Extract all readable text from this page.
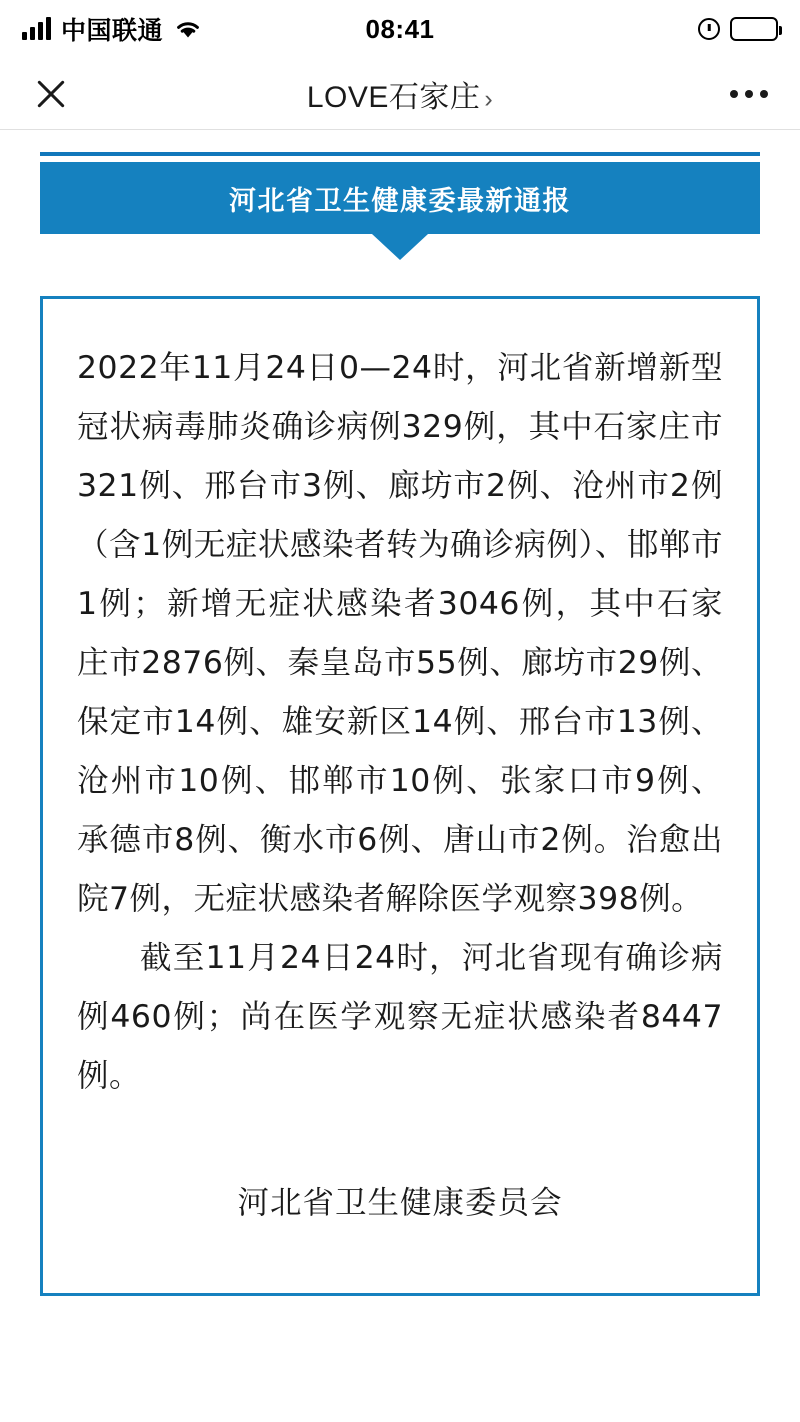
中国联通	08:41
LOVE石家庄 ›
河北省卫生健康委最新通报

2022年11月24日0—24时，河北省新增新型冠状病毒肺炎确诊病例329例，其中石家庄市321例、邢台市3例、廊坊市2例、沧州市2例（含1例无症状感染者转为确诊病例）、邯郸市1例；新增无症状感染者3046例，其中石家庄市2876例、秦皇岛市55例、廊坊市29例、保定市14例、雄安新区14例、邢台市13例、沧州市10例、邯郸市10例、张家口市9例、承德市8例、衡水市6例、唐山市2例。治愈出院7例，无症状感染者解除医学观察398例。

截至11月24日24时，河北省现有确诊病例460例；尚在医学观察无症状感染者8447例。

河北省卫生健康委员会
